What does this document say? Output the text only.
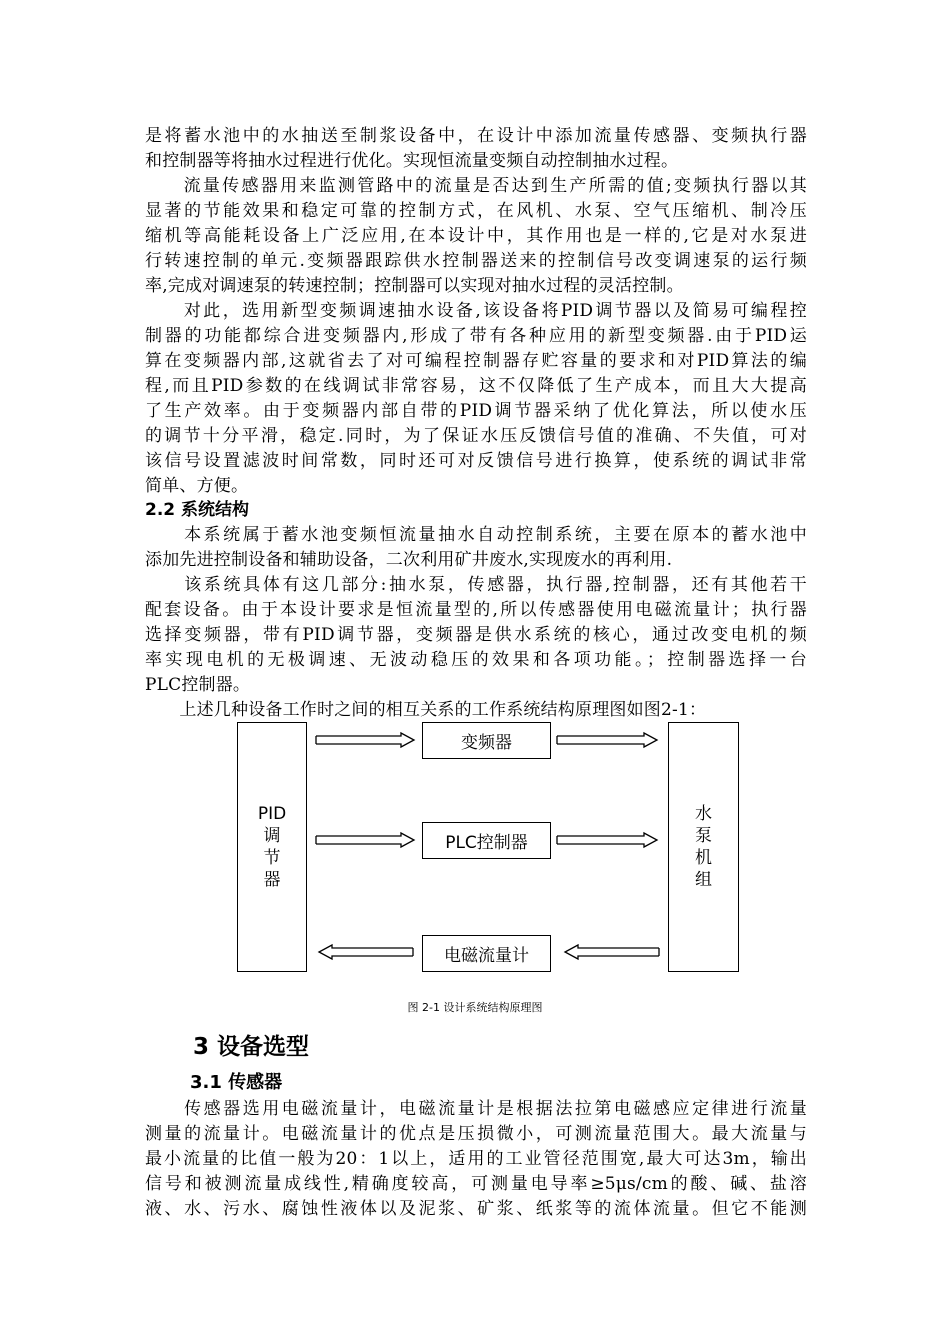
是将蓄水池中的水抽送至制浆设备中，在设计中添加流量传感器、变频执行器
和控制器等将抽水过程进行优化。实现恒流量变频自动控制抽水过程。
　　流量传感器用来监测管路中的流量是否达到生产所需的值;变频执行器以其
显著的节能效果和稳定可靠的控制方式，在风机、水泵、空气压缩机、制冷压
缩机等高能耗设备上广泛应用,在本设计中，其作用也是一样的,它是对水泵进
行转速控制的单元.变频器跟踪供水控制器送来的控制信号改变调速泵的运行频
率,完成对调速泵的转速控制；控制器可以实现对抽水过程的灵活控制。
　　对此，选用新型变频调速抽水设备,该设备将PID调节器以及简易可编程控
制器的功能都综合进变频器内,形成了带有各种应用的新型变频器.由于PID运
算在变频器内部,这就省去了对可编程控制器存贮容量的要求和对PID算法的编
程,而且PID参数的在线调试非常容易，这不仅降低了生产成本，而且大大提高
了生产效率。由于变频器内部自带的PID调节器采纳了优化算法，所以使水压
的调节十分平滑，稳定.同时，为了保证水压反馈信号值的准确、不失值，可对
该信号设置滤波时间常数，同时还可对反馈信号进行换算，使系统的调试非常
简单、方便。
2.2 系统结构
　　本系统属于蓄水池变频恒流量抽水自动控制系统，主要在原本的蓄水池中
添加先进控制设备和辅助设备，二次利用矿井废水,实现废水的再利用.
　　该系统具体有这几部分:抽水泵，传感器，执行器,控制器，还有其他若干
配套设备。由于本设计要求是恒流量型的,所以传感器使用电磁流量计；执行器
选择变频器，带有PID调节器，变频器是供水系统的核心，通过改变电机的频
率实现电机的无极调速、无波动稳压的效果和各项功能。；控制器选择一台
PLC控制器。
　　上述几种设备工作时之间的相互关系的工作系统结构原理图如图2-1：
PID
调
节
器
变频器
PLC控制器
电磁流量计
水
泵
机
组
图 2-1 设计系统结构原理图
3 设备选型
3.1 传感器
　　传感器选用电磁流量计，电磁流量计是根据法拉第电磁感应定律进行流量
测量的流量计。电磁流量计的优点是压损微小，可测流量范围大。最大流量与
最小流量的比值一般为20：1以上，适用的工业管径范围宽,最大可达3m，输出
信号和被测流量成线性,精确度较高，可测量电导率≥5μs/cm的酸、碱、盐溶
液、水、污水、腐蚀性液体以及泥浆、矿浆、纸浆等的流体流量。但它不能测
